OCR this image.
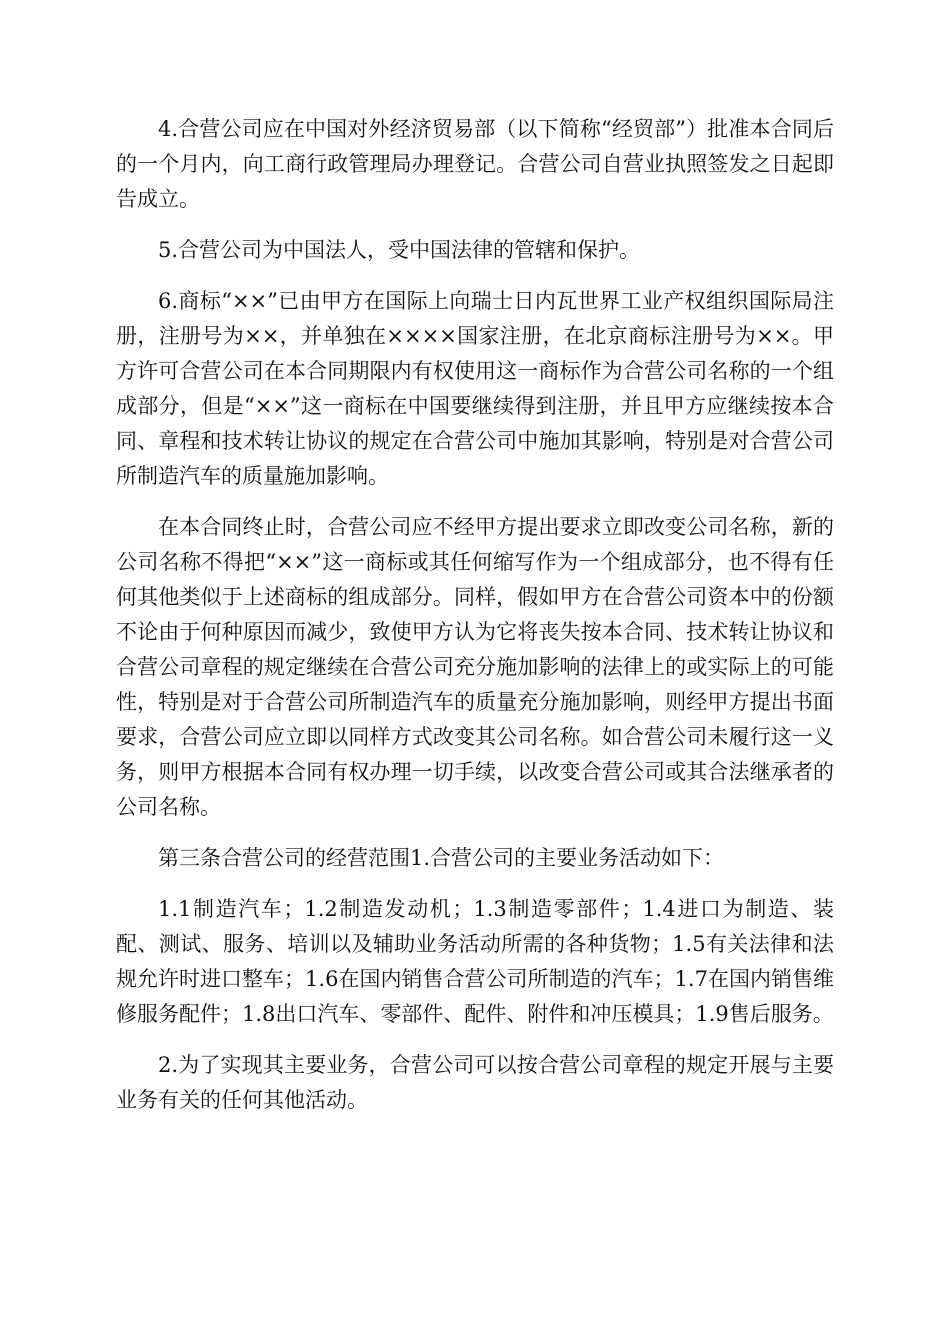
4.合营公司应在中国对外经济贸易部（以下简称“经贸部”）批准本合同后的一个月内，向工商行政管理局办理登记。合营公司自营业执照签发之日起即告成立。

5.合营公司为中国法人，受中国法律的管辖和保护。

6.商标“××”已由甲方在国际上向瑞士日内瓦世界工业产权组织国际局注册，注册号为××，并单独在××××国家注册，在北京商标注册号为××。甲方许可合营公司在本合同期限内有权使用这一商标作为合营公司名称的一个组成部分，但是“××”这一商标在中国要继续得到注册，并且甲方应继续按本合同、章程和技术转让协议的规定在合营公司中施加其影响，特别是对合营公司所制造汽车的质量施加影响。

在本合同终止时，合营公司应不经甲方提出要求立即改变公司名称，新的公司名称不得把“××”这一商标或其任何缩写作为一个组成部分，也不得有任何其他类似于上述商标的组成部分。同样，假如甲方在合营公司资本中的份额不论由于何种原因而减少，致使甲方认为它将丧失按本合同、技术转让协议和合营公司章程的规定继续在合营公司充分施加影响的法律上的或实际上的可能性，特别是对于合营公司所制造汽车的质量充分施加影响，则经甲方提出书面要求，合营公司应立即以同样方式改变其公司名称。如合营公司未履行这一义务，则甲方根据本合同有权办理一切手续，以改变合营公司或其合法继承者的公司名称。

第三条合营公司的经营范围1.合营公司的主要业务活动如下：

1.1制造汽车；1.2制造发动机；1.3制造零部件；1.4进口为制造、装配、测试、服务、培训以及辅助业务活动所需的各种货物；1.5有关法律和法规允许时进口整车；1.6在国内销售合营公司所制造的汽车；1.7在国内销售维修服务配件；1.8出口汽车、零部件、配件、附件和冲压模具；1.9售后服务。

2.为了实现其主要业务，合营公司可以按合营公司章程的规定开展与主要业务有关的任何其他活动。
